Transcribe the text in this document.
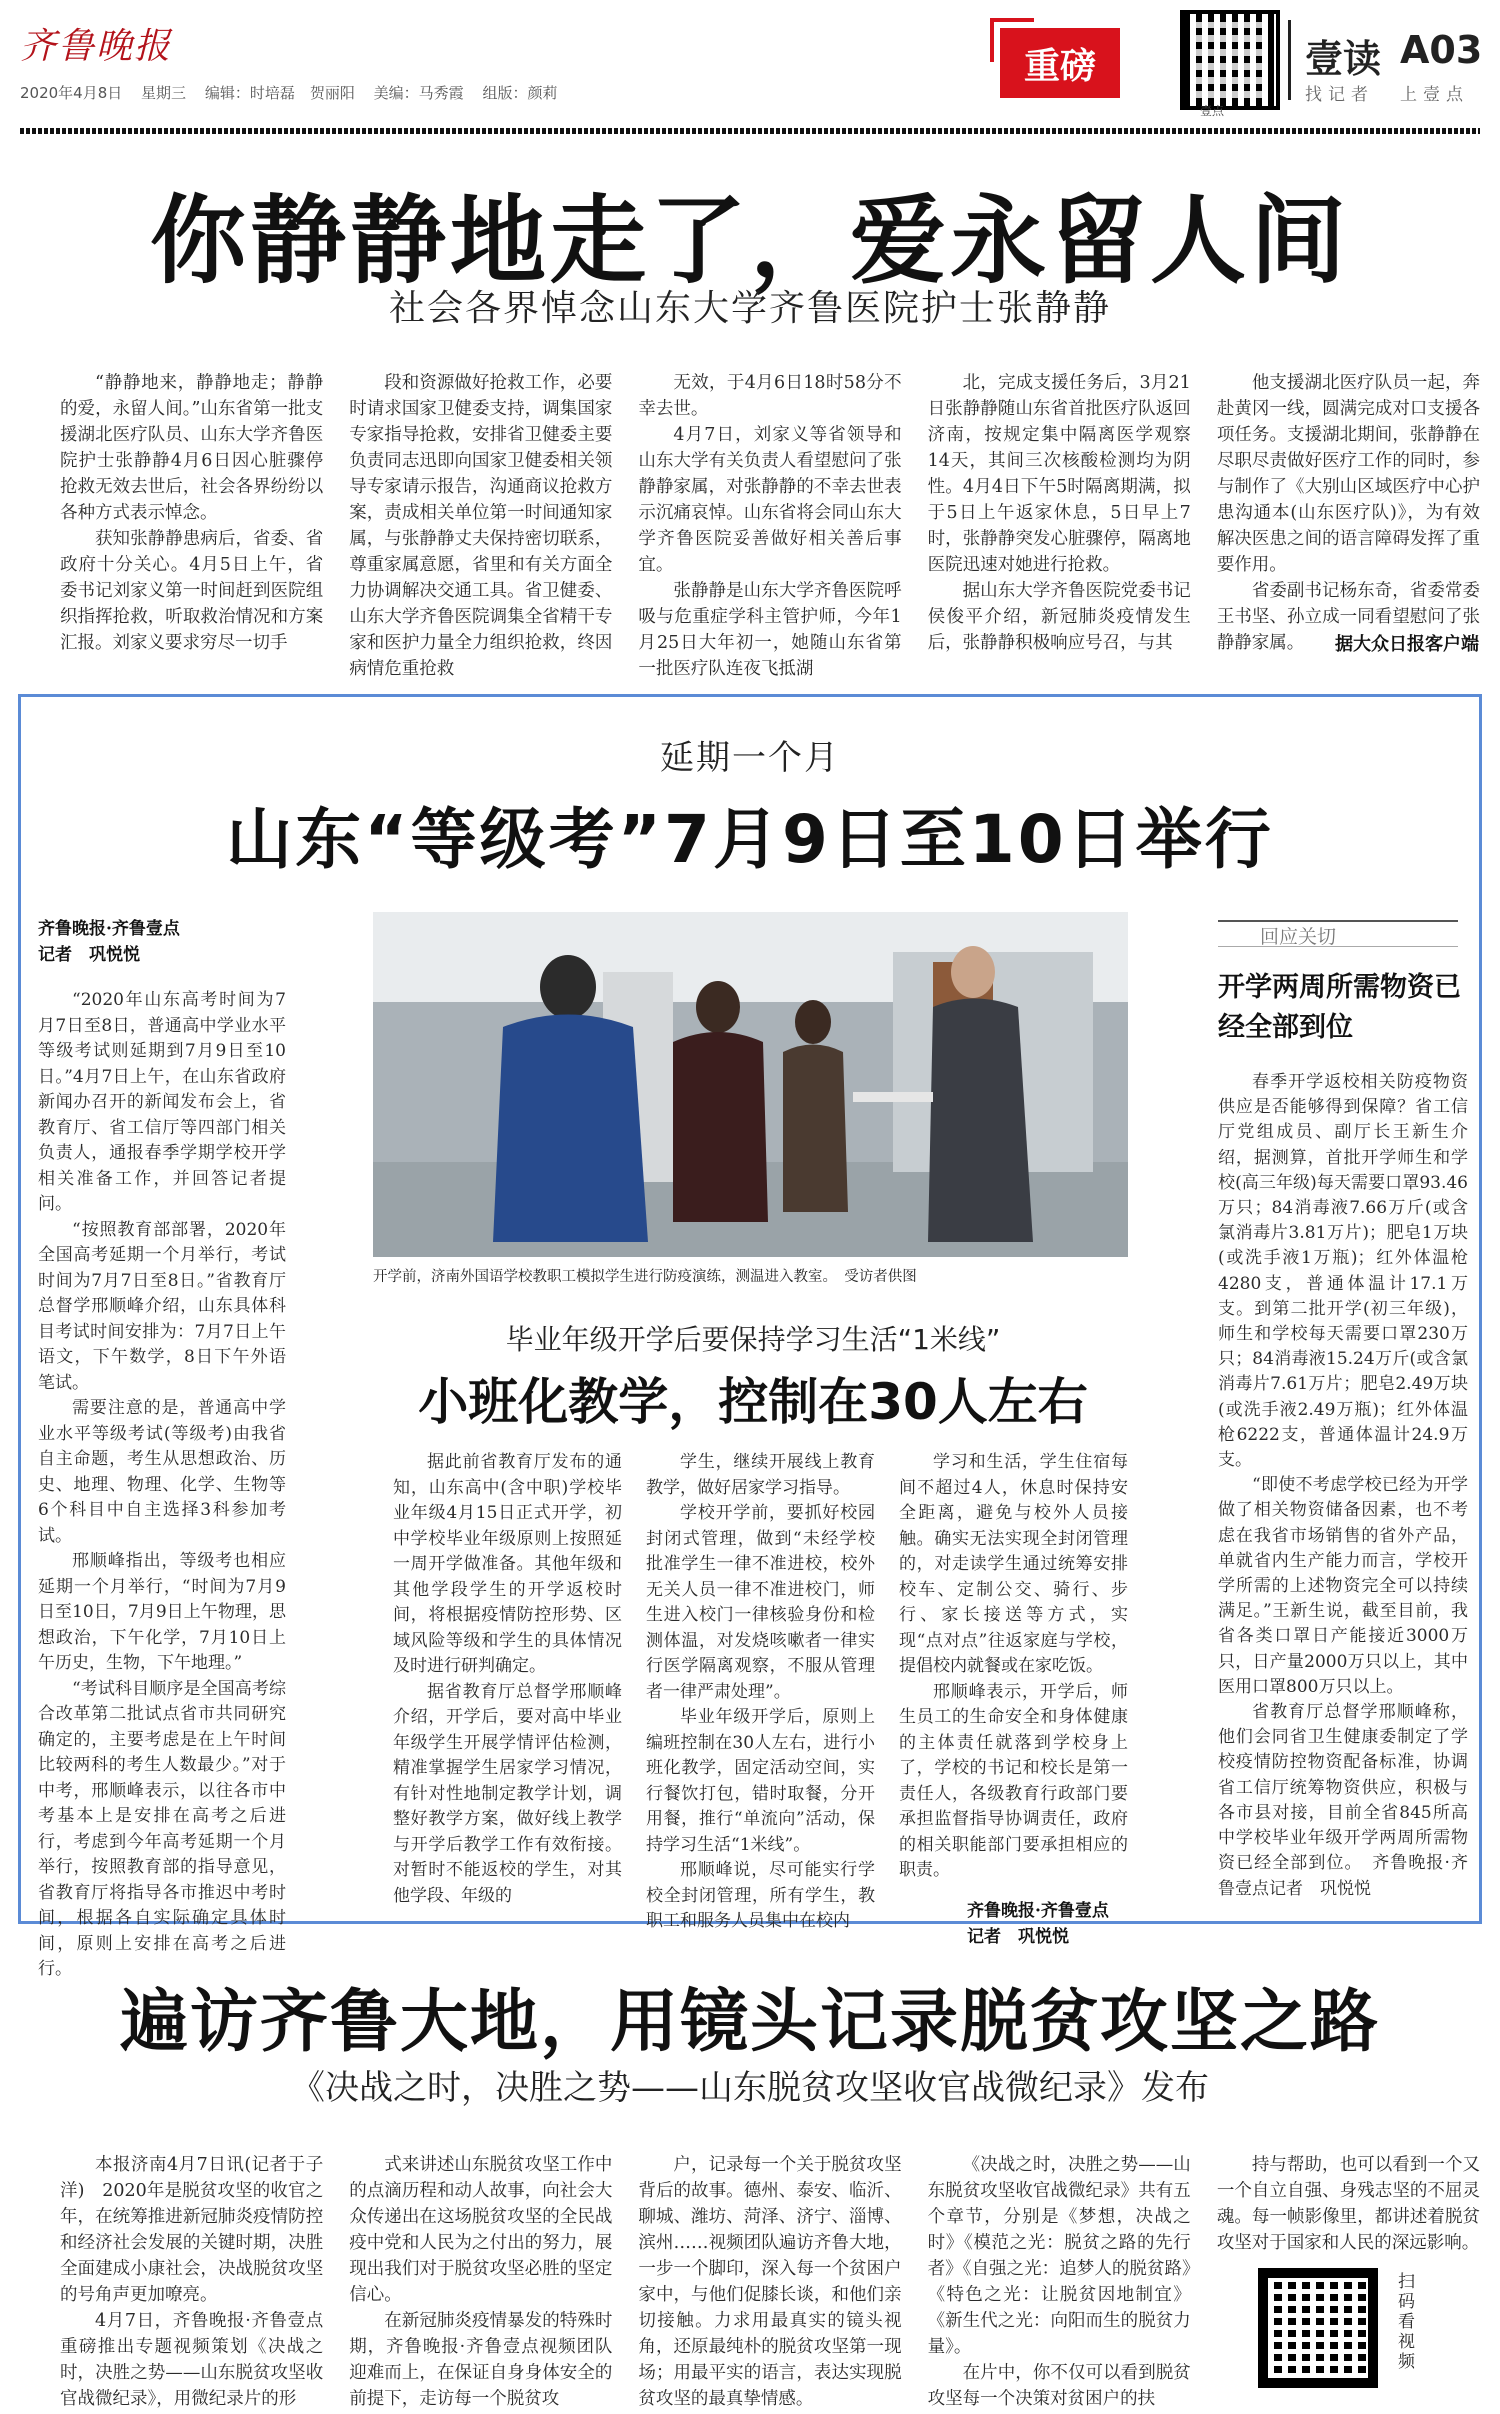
齐鲁晚报
2020年4月8日 星期三 编辑：时培磊　贺丽阳 美编：马秀霞 组版：颜莉
重磅
壹点
壹读 A03
找记者 上壹点
你静静地走了，爱永留人间
社会各界悼念山东大学齐鲁医院护士张静静

“静静地来，静静地走；静静的爱，永留人间。”山东省第一批支援湖北医疗队员、山东大学齐鲁医院护士张静静4月6日因心脏骤停抢救无效去世后，社会各界纷纷以各种方式表示悼念。

获知张静静患病后，省委、省政府十分关心。4月5日上午，省委书记刘家义第一时间赶到医院组织指挥抢救，听取救治情况和方案汇报。刘家义要求穷尽一切手

段和资源做好抢救工作，必要时请求国家卫健委支持，调集国家专家指导抢救，安排省卫健委主要负责同志迅即向国家卫健委相关领导专家请示报告，沟通商议抢救方案，责成相关单位第一时间通知家属，与张静静丈夫保持密切联系，尊重家属意愿，省里和有关方面全力协调解决交通工具。省卫健委、山东大学齐鲁医院调集全省精干专家和医护力量全力组织抢救，终因病情危重抢救

无效，于4月6日18时58分不幸去世。

4月7日，刘家义等省领导和山东大学有关负责人看望慰问了张静静家属，对张静静的不幸去世表示沉痛哀悼。山东省将会同山东大学齐鲁医院妥善做好相关善后事宜。

张静静是山东大学齐鲁医院呼吸与危重症学科主管护师，今年1月25日大年初一，她随山东省第一批医疗队连夜飞抵湖

北，完成支援任务后，3月21日张静静随山东省首批医疗队返回济南，按规定集中隔离医学观察14天，其间三次核酸检测均为阴性。4月4日下午5时隔离期满，拟于5日上午返家休息，5日早上7时，张静静突发心脏骤停，隔离地医院迅速对她进行抢救。

据山东大学齐鲁医院党委书记侯俊平介绍，新冠肺炎疫情发生后，张静静积极响应号召，与其

他支援湖北医疗队员一起，奔赴黄冈一线，圆满完成对口支援各项任务。支援湖北期间，张静静在尽职尽责做好医疗工作的同时，参与制作了《大别山区域医疗中心护患沟通本(山东医疗队)》，为有效解决医患之间的语言障碍发挥了重要作用。

省委副书记杨东奇，省委常委王书坚、孙立成一同看望慰问了张静静家属。	据大众日报客户端
延期一个月
山东“等级考”7月9日至10日举行
齐鲁晚报·齐鲁壹点
记者　巩悦悦

“2020年山东高考时间为7月7日至8日，普通高中学业水平等级考试则延期到7月9日至10日。”4月7日上午，在山东省政府新闻办召开的新闻发布会上，省教育厅、省工信厅等四部门相关负责人，通报春季学期学校开学相关准备工作，并回答记者提问。

“按照教育部部署，2020年全国高考延期一个月举行，考试时间为7月7日至8日。”省教育厅总督学邢顺峰介绍，山东具体科目考试时间安排为：7月7日上午语文，下午数学，8日下午外语笔试。

需要注意的是，普通高中学业水平等级考试(等级考)由我省自主命题，考生从思想政治、历史、地理、物理、化学、生物等6个科目中自主选择3科参加考试。

邢顺峰指出，等级考也相应延期一个月举行，“时间为7月9日至10日，7月9日上午物理，思想政治，下午化学，7月10日上午历史，生物，下午地理。”

“考试科目顺序是全国高考综合改革第二批试点省市共同研究确定的，主要考虑是在上午时间比较两科的考生人数最少。”对于中考，邢顺峰表示，以往各市中考基本上是安排在高考之后进行，考虑到今年高考延期一个月举行，按照教育部的指导意见，省教育厅将指导各市推迟中考时间，根据各自实际确定具体时间，原则上安排在高考之后进行。

开学前，济南外国语学校教职工模拟学生进行防疫演练，测温进入教室。　受访者供图
毕业年级开学后要保持学习生活“1米线”
小班化教学，控制在30人左右

据此前省教育厅发布的通知，山东高中(含中职)学校毕业年级4月15日正式开学，初中学校毕业年级原则上按照延一周开学做准备。其他年级和其他学段学生的开学返校时间，将根据疫情防控形势、区域风险等级和学生的具体情况及时进行研判确定。

据省教育厅总督学邢顺峰介绍，开学后，要对高中毕业年级学生开展学情评估检测，精准掌握学生居家学习情况，有针对性地制定教学计划，调整好教学方案，做好线上教学与开学后教学工作有效衔接。对暂时不能返校的学生，对其他学段、年级的

学生，继续开展线上教育教学，做好居家学习指导。

学校开学前，要抓好校园封闭式管理，做到“未经学校批准学生一律不准进校，校外无关人员一律不准进校门，师生进入校门一律核验身份和检测体温，对发烧咳嗽者一律实行医学隔离观察，不服从管理者一律严肃处理”。

毕业年级开学后，原则上编班控制在30人左右，进行小班化教学，固定活动空间，实行餐饮打包，错时取餐，分开用餐，推行“单流向”活动，保持学习生活“1米线”。

邢顺峰说，尽可能实行学校全封闭管理，所有学生，教职工和服务人员集中在校内

学习和生活，学生住宿每间不超过4人，休息时保持安全距离，避免与校外人员接触。确实无法实现全封闭管理的，对走读学生通过统筹安排校车、定制公交、骑行、步行、家长接送等方式，实现“点对点”往返家庭与学校，提倡校内就餐或在家吃饭。

邢顺峰表示，开学后，师生员工的生命安全和身体健康的主体责任就落到学校身上了，学校的书记和校长是第一责任人，各级教育行政部门要承担监督指导协调责任，政府的相关职能部门要承担相应的职责。

齐鲁晚报·齐鲁壹点
记者　巩悦悦
回应关切
开学两周所需物资已经全部到位

春季开学返校相关防疫物资供应是否能够得到保障？省工信厅党组成员、副厅长王新生介绍，据测算，首批开学师生和学校(高三年级)每天需要口罩93.46万只；84消毒液7.66万斤(或含氯消毒片3.81万片)；肥皂1万块(或洗手液1万瓶)；红外体温枪4280支，普通体温计17.1万支。到第二批开学(初三年级)，师生和学校每天需要口罩230万只；84消毒液15.24万斤(或含氯消毒片7.61万片；肥皂2.49万块(或洗手液2.49万瓶)；红外体温枪6222支，普通体温计24.9万支。

“即使不考虑学校已经为开学做了相关物资储备因素，也不考虑在我省市场销售的省外产品，单就省内生产能力而言，学校开学所需的上述物资完全可以持续满足。”王新生说，截至目前，我省各类口罩日产能接近3000万只，日产量2000万只以上，其中医用口罩800万只以上。

省教育厅总督学邢顺峰称，他们会同省卫生健康委制定了学校疫情防控物资配备标准，协调省工信厅统筹物资供应，积极与各市县对接，目前全省845所高中学校毕业年级开学两周所需物资已经全部到位。　齐鲁晚报·齐鲁壹点记者　巩悦悦

遍访齐鲁大地，用镜头记录脱贫攻坚之路
《决战之时，决胜之势——山东脱贫攻坚收官战微纪录》发布

本报济南4月7日讯(记者于子洋)　2020年是脱贫攻坚的收官之年，在统筹推进新冠肺炎疫情防控和经济社会发展的关键时期，决胜全面建成小康社会，决战脱贫攻坚的号角声更加嘹亮。

4月7日，齐鲁晚报·齐鲁壹点重磅推出专题视频策划《决战之时，决胜之势——山东脱贫攻坚收官战微纪录》，用微纪录片的形

式来讲述山东脱贫攻坚工作中的点滴历程和动人故事，向社会大众传递出在这场脱贫攻坚的全民战疫中党和人民为之付出的努力，展现出我们对于脱贫攻坚必胜的坚定信心。

在新冠肺炎疫情暴发的特殊时期，齐鲁晚报·齐鲁壹点视频团队迎难而上，在保证自身身体安全的前提下，走访每一个脱贫攻

户，记录每一个关于脱贫攻坚背后的故事。德州、泰安、临沂、聊城、潍坊、菏泽、济宁、淄博、滨州……视频团队遍访齐鲁大地，一步一个脚印，深入每一个贫困户家中，与他们促膝长谈，和他们亲切接触。力求用最真实的镜头视角，还原最纯朴的脱贫攻坚第一现场；用最平实的语言，表达实现脱贫攻坚的最真挚情感。

《决战之时，决胜之势——山东脱贫攻坚收官战微纪录》共有五个章节，分别是《梦想，决战之时》《模范之光：脱贫之路的先行者》《自强之光：追梦人的脱贫路》《特色之光：让脱贫因地制宜》《新生代之光：向阳而生的脱贫力量》。

在片中，你不仅可以看到脱贫攻坚每一个决策对贫困户的扶

持与帮助，也可以看到一个又一个自立自强、身残志坚的不屈灵魂。每一帧影像里，都讲述着脱贫攻坚对于国家和人民的深远影响。

扫码看视频
